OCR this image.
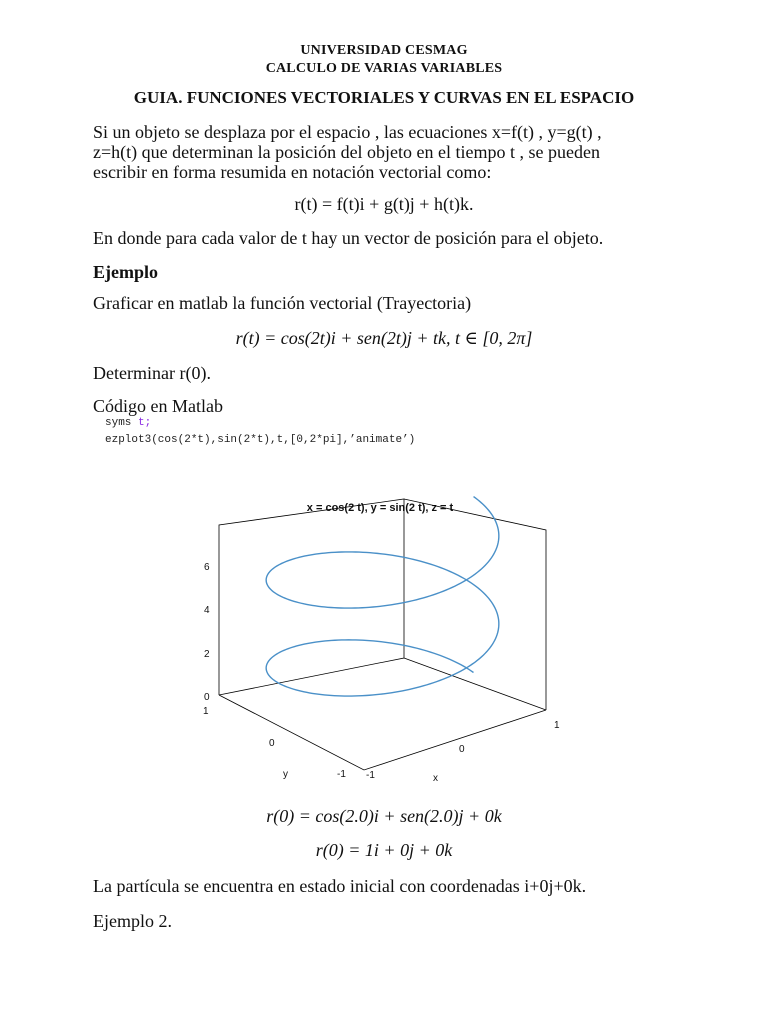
UNIVERSIDAD CESMAG
CALCULO DE VARIAS VARIABLES
GUIA. FUNCIONES VECTORIALES Y CURVAS EN EL ESPACIO
Si un objeto se desplaza por el espacio , las ecuaciones x=f(t) , y=g(t) ,
z=h(t) que determinan la posición del objeto en el tiempo t , se pueden
escribir en forma resumida en notación vectorial como:
r(t) = f(t)i + g(t)j + h(t)k.
En donde para cada valor de t hay un vector de posición para el objeto.
Ejemplo
Graficar en matlab la función vectorial (Trayectoria)
r(t) = cos(2t)i + sen(2t)j + tk, t ∈ [0, 2π]
Determinar r(0).
Código en Matlab
syms t;
ezplot3(cos(2*t),sin(2*t),t,[0,2*pi],’animate’)
x = cos(2 t), y = sin(2 t), z = t
6
4
2
0
1
0
-1
y	-1
0
1
x
r(0) = cos(2.0)i + sen(2.0)j + 0k
r(0) = 1i + 0j + 0k
La partícula se encuentra en estado inicial con coordenadas i+0j+0k.
Ejemplo 2.
